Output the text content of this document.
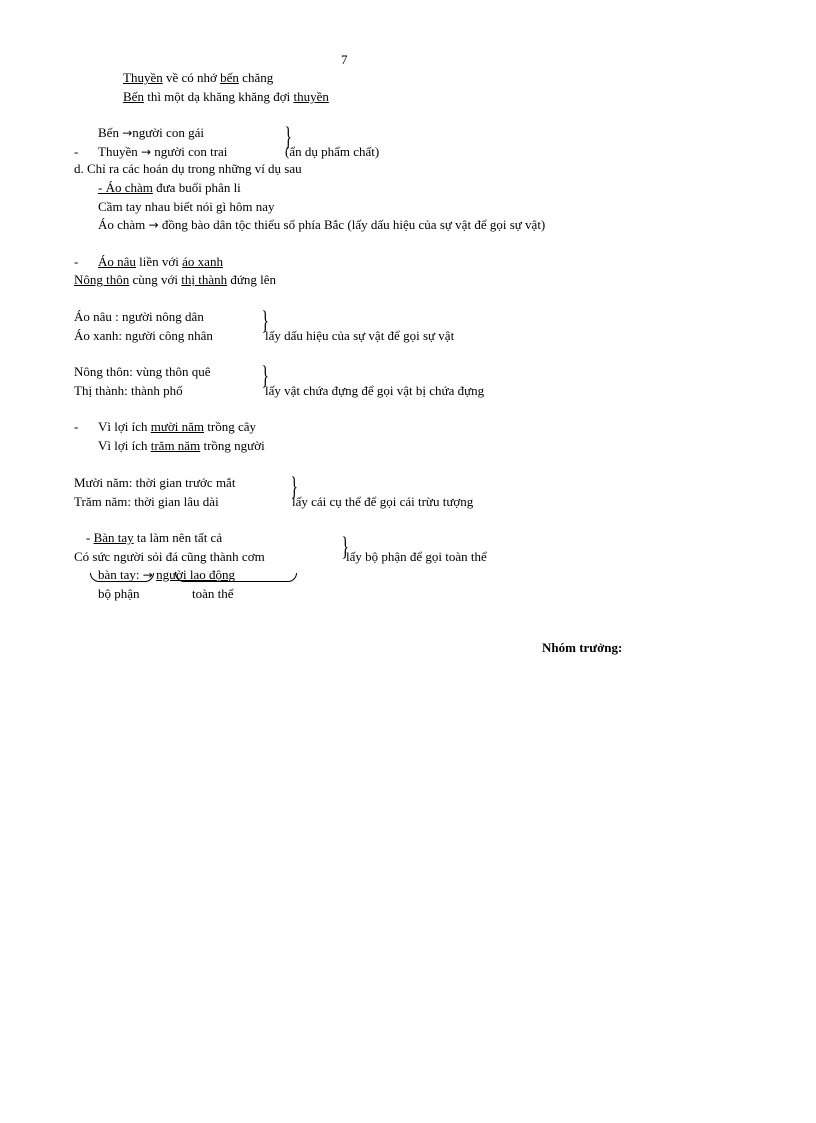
7
Thuyền về có nhớ bến chăng
Bến thì một dạ khăng khăng đợi thuyền
Bến →người con gái	}
- Thuyền → người con trai	(ẩn dụ phẩm chất)
d. Chỉ ra các hoán dụ trong những ví dụ sau
- Áo chàm đưa buổi phân li
Cầm tay nhau biết nói gì hôm nay
Áo chàm → đồng bào dân tộc thiểu số phía Bắc (lấy dấu hiệu của sự vật để gọi sự vật)
- Áo nâu liền với áo xanh
Nông thôn cùng với thị thành đứng lên
Áo nâu : người nông dân
Áo xanh: người công nhân
}
lấy dấu hiệu của sự vật để gọi sự vật
Nông thôn: vùng thôn quê
Thị thành: thành phố
}
lấy vật chứa đựng để gọi vật bị chứa đựng
- Vì lợi ích mười năm trồng cây
Vì lợi ích trăm năm trồng người
Mười năm: thời gian trước mắt
Trăm năm: thời gian lâu dài
}
lấy cái cụ thể để gọi cái trừu tượng
- Bàn tay ta làm nên tất cả
Có sức người sỏi đá cũng thành cơm	}
lấy bộ phận để gọi toàn thể
bàn tay: → người lao động
bộ phận	toàn thể
Nhóm trưởng:
